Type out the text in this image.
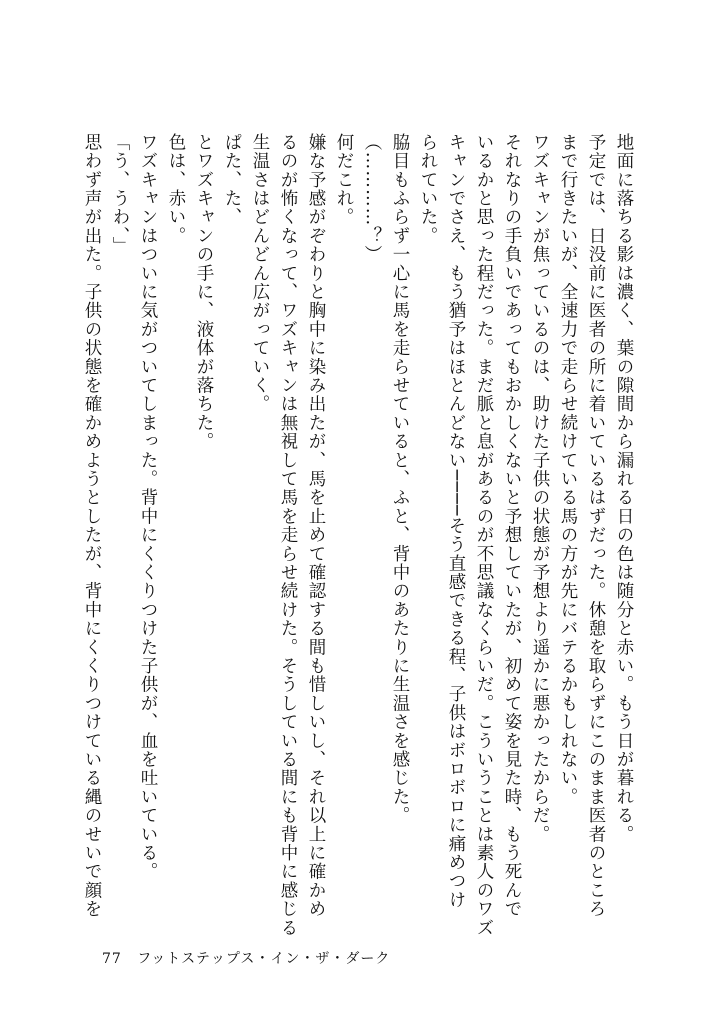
地面に落ちる影は濃く、葉の隙間から漏れる日の色は随分と赤い。もう日が暮れる。
予定では、日没前に医者の所に着いているはずだった。休憩を取らずにこのまま医者のところ
まで行きたいが、全速力で走らせ続けている馬の方が先にバテるかもしれない。
ワズキャンが焦っているのは、助けた子供の状態が予想より遥かに悪かったからだ。
それなりの手負いであってもおかしくないと予想していたが、初めて姿を見た時、もう死んで
いるかと思った程だった。まだ脈と息があるのが不思議なくらいだ。こういうことは素人のワズ
キャンでさえ、もう猶予はほとんどない────そう直感できる程、子供はボロボロに痛めつけ
られていた。
脇目もふらず一心に馬を走らせていると、ふと、背中のあたりに生温さを感じた。
（…………？）
何だこれ。
嫌な予感がぞわりと胸中に染み出たが、馬を止めて確認する間も惜しいし、それ以上に確かめ
るのが怖くなって、ワズキャンは無視して馬を走らせ続けた。そうしている間にも背中に感じる
生温さはどんどん広がっていく。
ぱた、た、
とワズキャンの手に、液体が落ちた。
色は、赤い。
ワズキャンはついに気がついてしまった。背中にくくりつけた子供が、血を吐いている。
「う、うわ、」
思わず声が出た。子供の状態を確かめようとしたが、背中にくくりつけている縄のせいで顔を
77 フットステップス・イン・ザ・ダーク
